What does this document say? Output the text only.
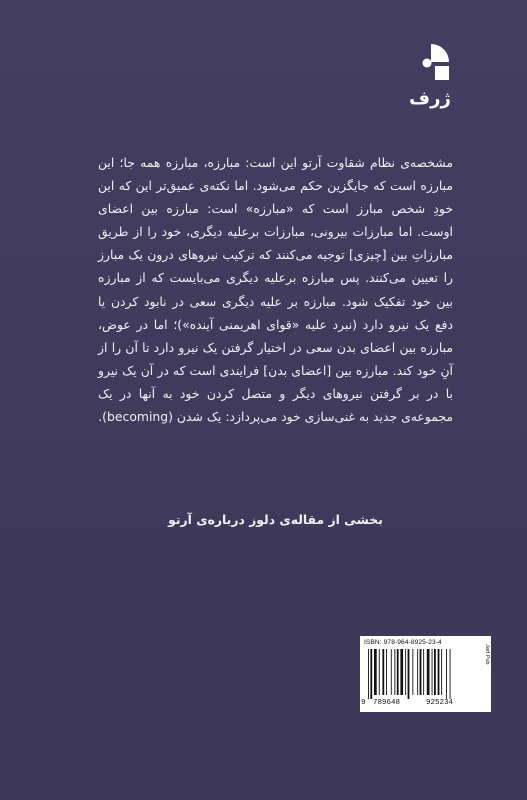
ژرف

مشخصه‌ی نظام شقاوت آرتو این است: مبارزه، مبارزه همه جا؛ این مبارزه است که جایگزین حکم می‌شود. اما نکته‌ی عمیق‌تر این که این خودِ شخص مبارز است که «مبارزه» است: مبارزه بین اعضای اوست. اما مبارزات بیرونی، مبارزات برعلیه دیگری، خود را از طریق مبارزاتِ بین [چیزی] توجیه می‌کنند که ترکیب نیروهای درون یک مبارز را تعیین می‌کنند. پس مبارزه برعلیه دیگری می‌بایست که از مبارزه بین خود تفکیک شود. مبارزه بر علیه دیگری سعی در نابود کردن یا دفع یک نیرو دارد (نبرد علیه «قوای اهریمنی آینده»)؛ اما در عوض، مبارزه بین اعضای بدن سعی در اختیار گرفتن یک نیرو دارد تا آن را از آنِ خود کند. مبارزه بین [اعضای بدن] فرایندی است که در آن یک نیرو با در بر گرفتن نیروهای دیگر و متصل کردن خود به آنها در یک مجموعه‌ی جدید به غنی‌سازی خود می‌پردازد: یک شدن (becoming).

بخشی از مقاله‌ی دلوز درباره‌ی آرتو

ISBN: 978-964-8925-23-4
Jarf Pub
9 789648	925234
